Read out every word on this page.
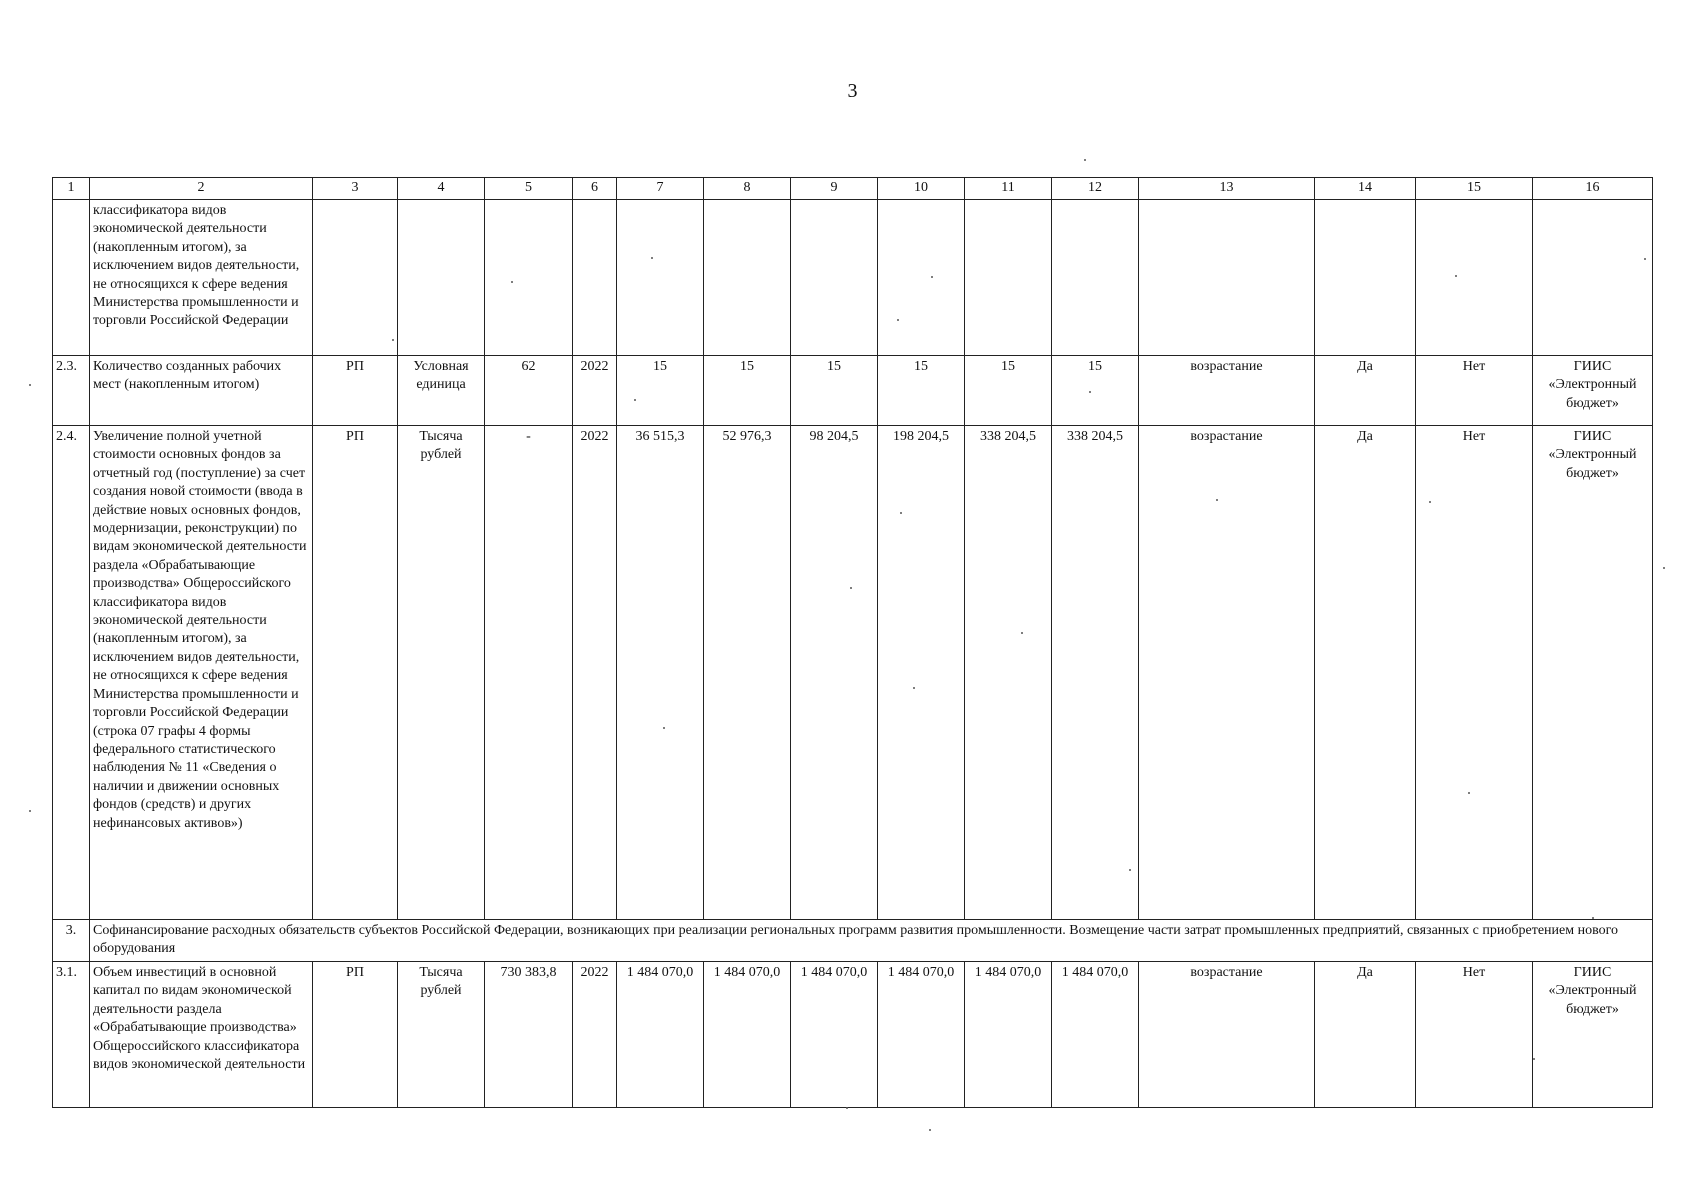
3
1	2	3	4	5	6	7	8	9	10	11	12	13	14	15	16
	классификатора видов экономической деятельности (накопленным итогом), за исключением видов деятельности, не относящихся к сфере ведения Министерства промышленности и торговли Российской Федерации														
2.3.	Количество созданных рабочих мест (накопленным итогом)	РП	Условная единица	62	2022	15	15	15	15	15	15	возрастание	Да	Нет	ГИИС «Электронный бюджет»
2.4.	Увеличение полной учетной стоимости основных фондов за отчетный год (поступление) за счет создания новой стоимости (ввода в действие новых основных фондов, модернизации, реконструкции) по видам экономической деятельности раздела «Обрабатывающие производства» Общероссийского классификатора видов экономической деятельности (накопленным итогом), за исключением видов деятельности, не относящихся к сфере ведения Министерства промышленности и торговли Российской Федерации (строка 07 графы 4 формы федерального статистического наблюдения № 11 «Сведения о наличии и движении основных фондов (средств) и других нефинансовых активов»)	РП	Тысяча рублей	-	2022	36 515,3	52 976,3	98 204,5	198 204,5	338 204,5	338 204,5	возрастание	Да	Нет	ГИИС «Электронный бюджет»
3.	Софинансирование расходных обязательств субъектов Российской Федерации, возникающих при реализации региональных программ развития промышленности. Возмещение части затрат промышленных предприятий, связанных с приобретением нового оборудования														
3.1.	Объем инвестиций в основной капитал по видам экономической деятельности раздела «Обрабатывающие производства» Общероссийского классификатора видов экономической деятельности	РП	Тысяча рублей	730 383,8	2022	1 484 070,0	1 484 070,0	1 484 070,0	1 484 070,0	1 484 070,0	1 484 070,0	возрастание	Да	Нет	ГИИС «Электронный бюджет»
